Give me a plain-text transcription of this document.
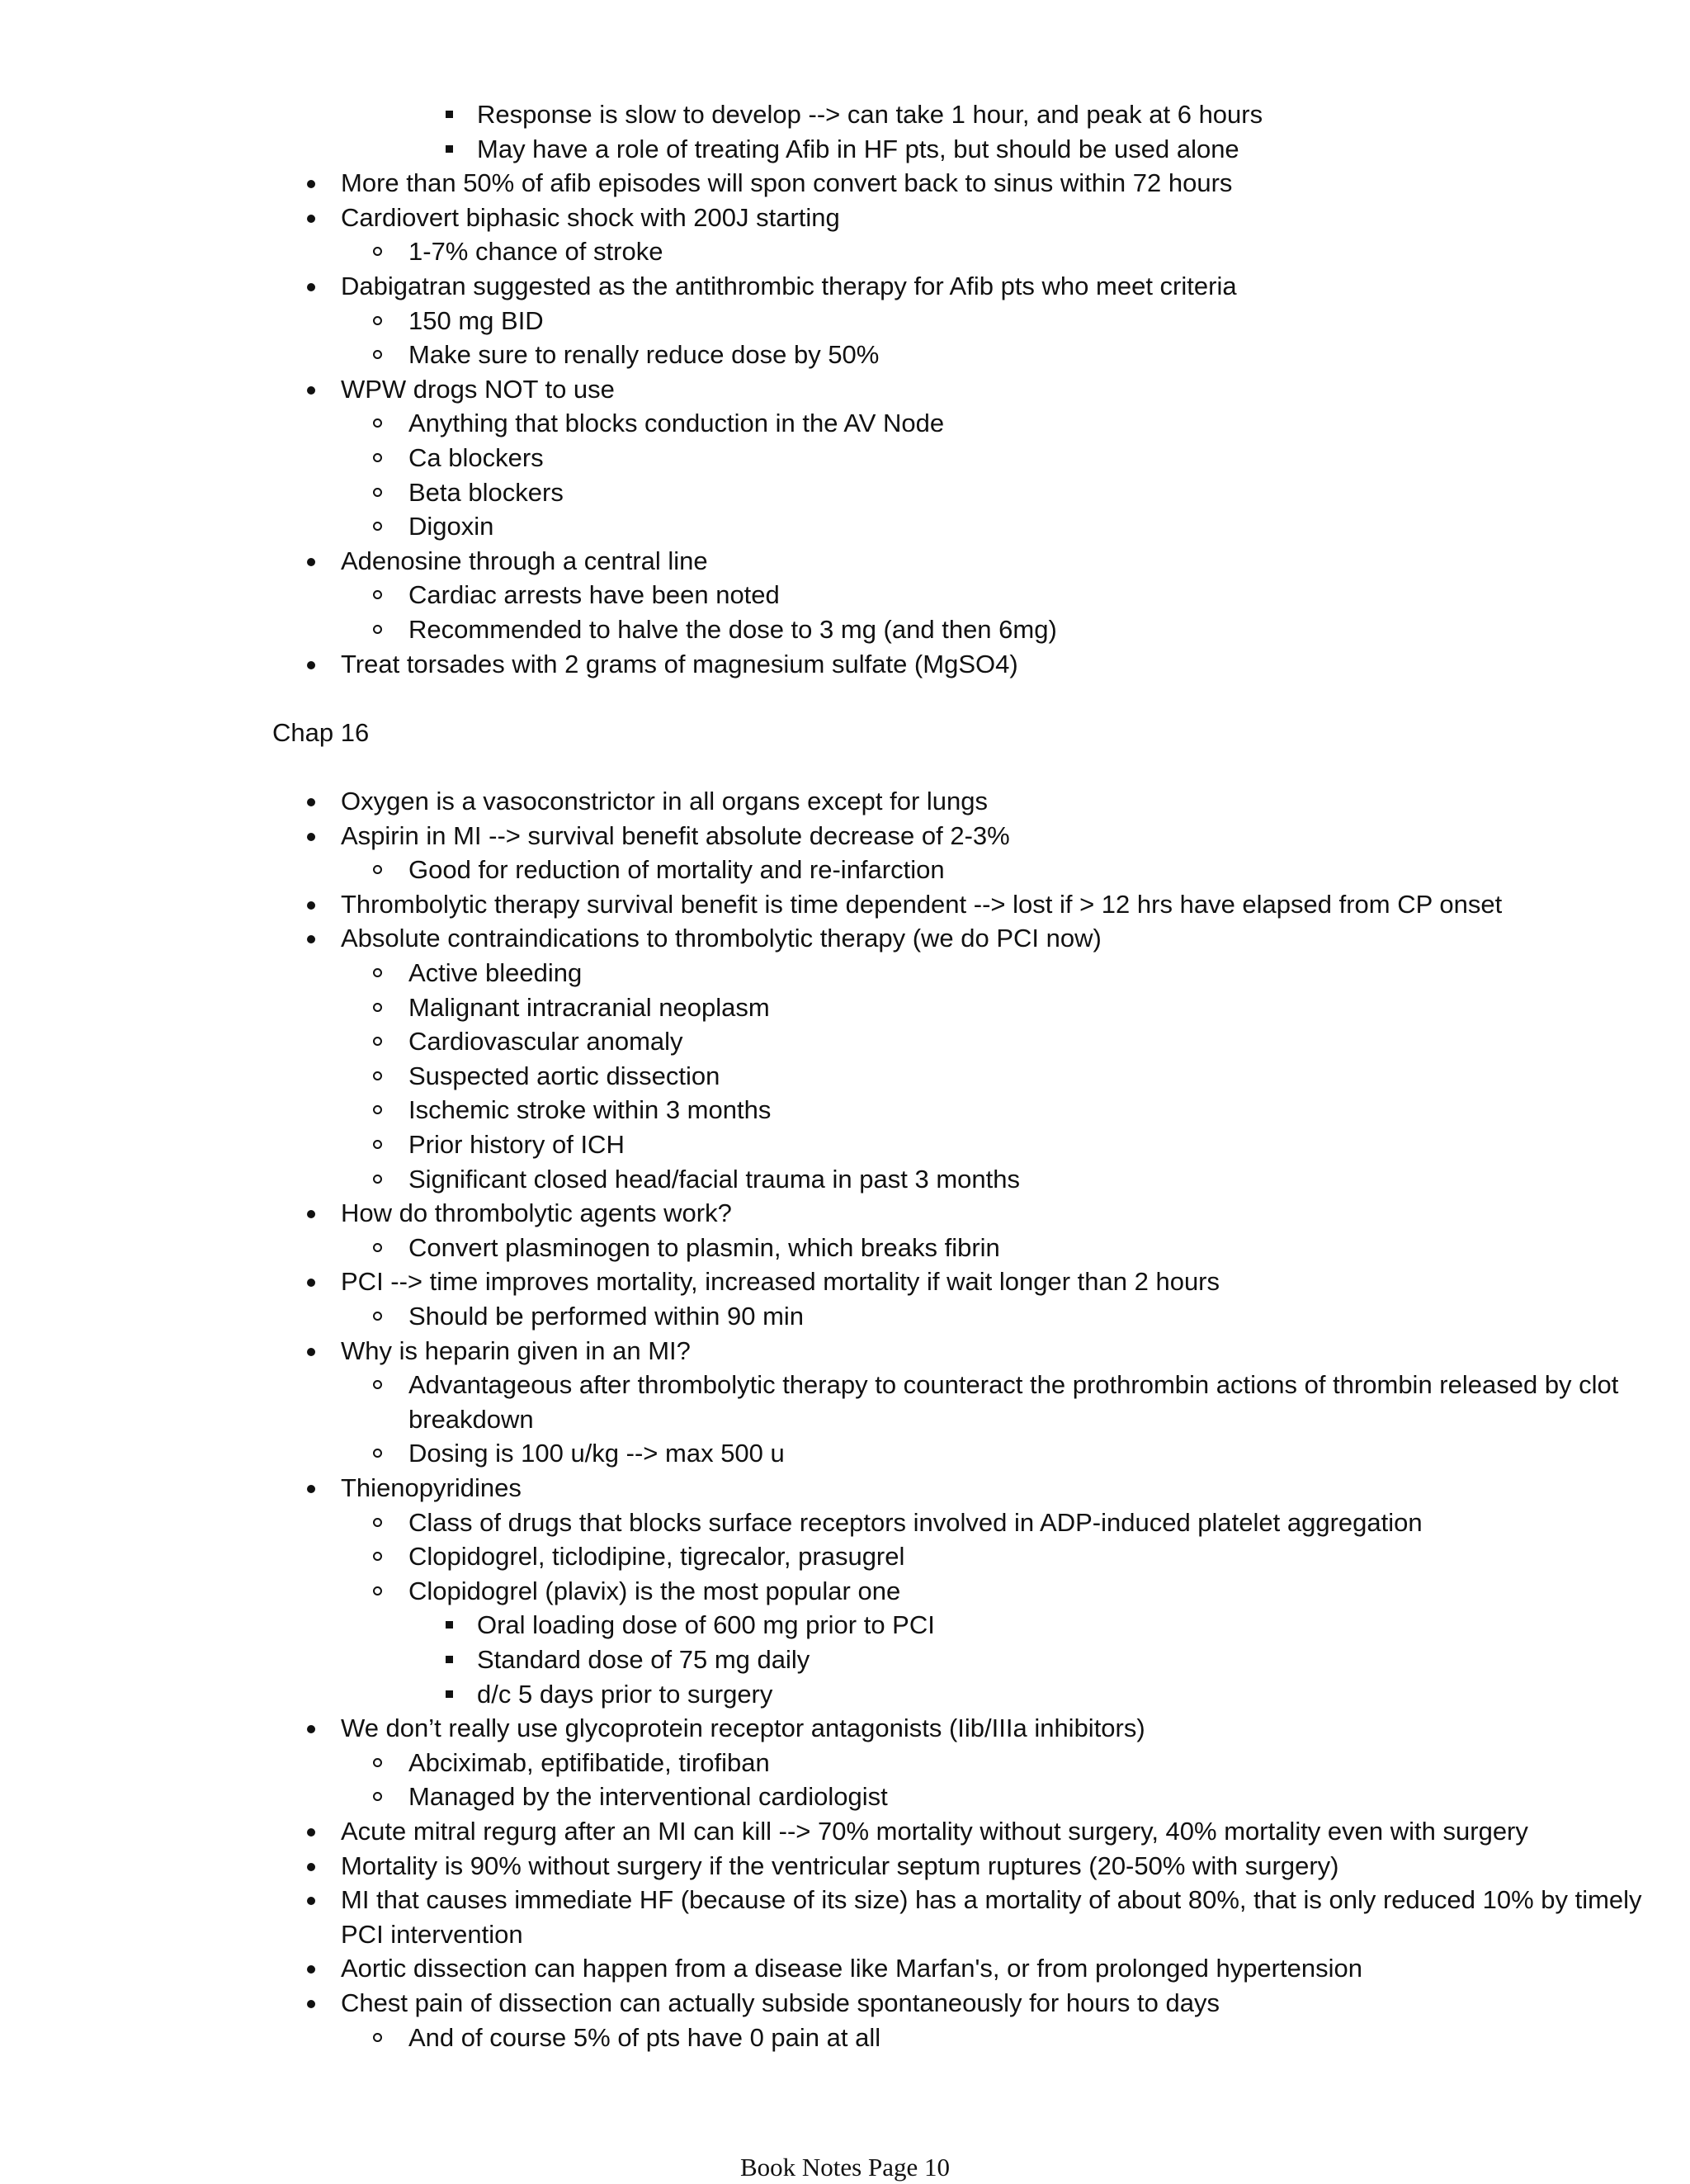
Response is slow to develop --> can take 1 hour, and peak at 6 hours
May have a role of treating Afib in HF pts, but should be used alone
More than 50% of afib episodes will spon convert back to sinus within 72 hours
Cardiovert biphasic shock with 200J starting
1-7% chance of stroke
Dabigatran suggested as the antithrombic therapy for Afib pts who meet criteria
150 mg BID
Make sure to renally reduce dose by 50%
WPW drogs NOT to use
Anything that blocks conduction in the AV Node
Ca blockers
Beta blockers
Digoxin
Adenosine through a central line
Cardiac arrests have been noted
Recommended to halve the dose to 3 mg (and then 6mg)
Treat torsades with 2 grams of magnesium sulfate (MgSO4)
Chap 16
Oxygen is a vasoconstrictor in all organs except for lungs
Aspirin in MI --> survival benefit absolute decrease of 2-3%
Good for reduction of mortality and re-infarction
Thrombolytic therapy survival benefit is time dependent --> lost if > 12 hrs have elapsed from CP onset
Absolute contraindications to thrombolytic therapy (we do PCI now)
Active bleeding
Malignant intracranial neoplasm
Cardiovascular anomaly
Suspected aortic dissection
Ischemic stroke within 3 months
Prior history of ICH
Significant closed head/facial trauma in past 3 months
How do thrombolytic agents work?
Convert plasminogen to plasmin, which breaks fibrin
PCI --> time improves mortality, increased mortality if wait longer than 2 hours
Should be performed within 90 min
Why is heparin given in an MI?
Advantageous after thrombolytic therapy to counteract the prothrombin actions of thrombin released by clot
breakdown
Dosing is 100 u/kg --> max 500 u
Thienopyridines
Class of drugs that blocks surface receptors involved in ADP-induced platelet aggregation
Clopidogrel, ticlodipine, tigrecalor, prasugrel
Clopidogrel (plavix) is the most popular one
Oral loading dose of 600 mg prior to PCI
Standard dose of 75 mg daily
d/c 5 days prior to surgery
We don’t really use glycoprotein receptor antagonists (Iib/IIIa inhibitors)
Abciximab, eptifibatide, tirofiban
Managed by the interventional cardiologist
Acute mitral regurg after an MI can kill --> 70% mortality without surgery, 40% mortality even with surgery
Mortality is 90% without surgery if the ventricular septum ruptures (20-50% with surgery)
MI that causes immediate HF (because of its size) has a mortality of about 80%, that is only reduced 10% by timely
PCI intervention
Aortic dissection can happen from a disease like Marfan's, or from prolonged hypertension
Chest pain of dissection can actually subside spontaneously for hours to days
And of course 5% of pts have 0 pain at all
Book Notes Page 10
